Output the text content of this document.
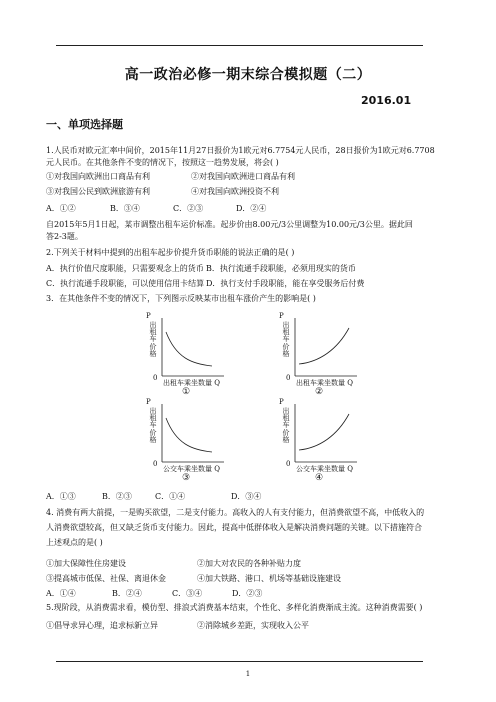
高一政治必修一期末综合模拟题（二）
2016.01
一、单项选择题
1.人民币对欧元汇率中间价，2015年11月27日报价为1欧元对6.7754元人民币，28日报价为1欧元对6.7708
元人民币。在其他条件不变的情况下，按照这一趋势发展，将会( )
①对我国向欧洲出口商品有利	②对我国向欧洲进口商品有利
③对我国公民到欧洲旅游有利	④对我国向欧洲投资不利
A．①②	B．③④	C．②③	D．②④
自2015年5月1日起，某市调整出租车运价标准。起步价由8.00元/3公里调整为10.00元/3公里。据此回
答2-3题。
2.下列关于材料中提到的出租车起步价提升货币职能的说法正确的是( )
A．执行价值尺度职能，只需要观念上的货币 B．执行流通手段职能，必须用现实的货币
C．执行流通手段职能，可以使用信用卡结算 D．执行支付手段职能，能在享受服务后付费
3．在其他条件不变的情况下，下列图示反映某市出租车涨价产生的影响是( )
P
出租车价格
0
出租车乘坐数量 Q
①
P
出租车价格
0
出租车乘坐数量 Q
②
P
出租车价格
0
公交车乘坐数量 Q
③
P
出租车价格
0
公交车乘坐数量 Q
④
A．①③	B．②③	C．①④	D．③④
4. 消费有两大前提，一是购买欲望，二是支付能力。高收入的人有支付能力，但消费欲望不高，中低收入的
人消费欲望较高，但又缺乏货币支付能力。因此，提高中低群体收入是解决消费问题的关键。以下措施符合
上述观点的是( )
①加大保障性住房建设	②加大对农民的各种补贴力度
③提高城市低保、社保、离退休金	④加大铁路、港口、机场等基础设施建设
A．①④	B．②④	C．③④	D．②③
5.现阶段，从消费需求看，模仿型、排浪式消费基本结束，个性化、多样化消费渐成主流。这种消费需要( )
①倡导求异心理，追求标新立异	②消除城乡差距，实现收入公平
1
